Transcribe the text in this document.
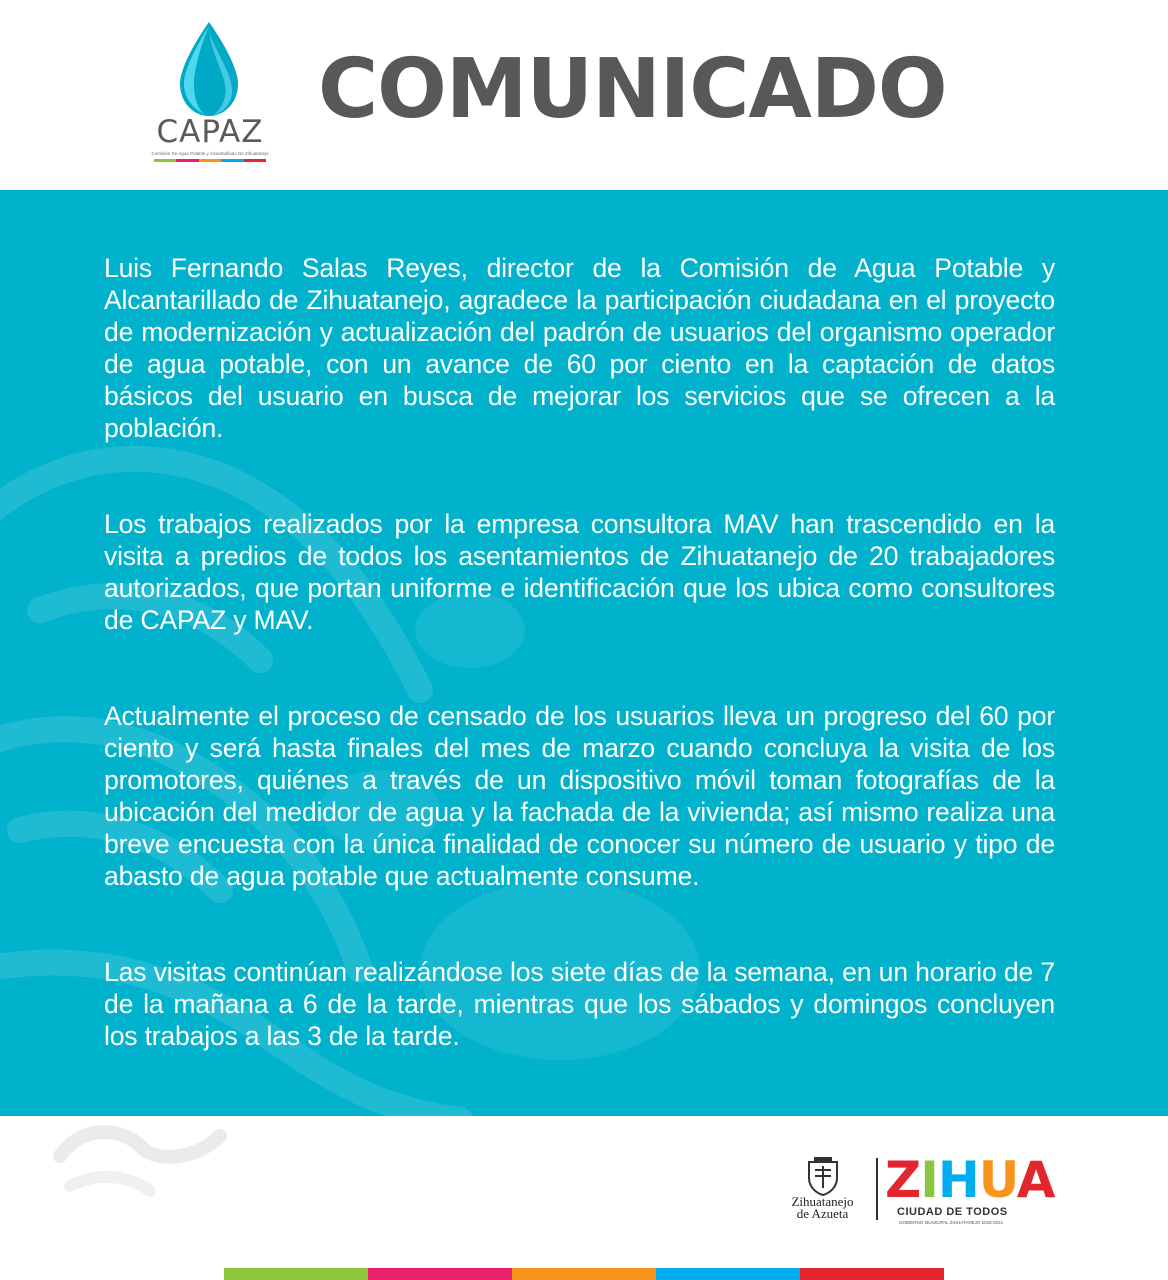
CAPAZ
Comisión De Agua Potable y Alcantarillado De Zihuatanejo
COMUNICADO

Luis Fernando Salas Reyes, director de la Comisión de Agua Potable y Alcantarillado de Zihuatanejo, agradece la participación ciudadana en el proyecto de modernización y actualización del padrón de usuarios del organismo operador de agua potable, con un avance de 60 por ciento en la captación de datos básicos del usuario en busca de mejorar los servicios que se ofrecen a la población.

Los trabajos realizados por la empresa consultora MAV han trascendido en la visita a predios de todos los asentamientos de Zihuatanejo de 20 trabajadores autorizados, que portan uniforme e identificación que los ubica como consultores de CAPAZ y MAV.

Actualmente el proceso de censado de los usuarios lleva un progreso del 60 por ciento y será hasta finales del mes de marzo cuando concluya la visita de los promotores, quiénes a través de un dispositivo móvil toman fotografías de la ubicación del medidor de agua y la fachada de la vivienda; así mismo realiza una breve encuesta con la única finalidad de conocer su número de usuario y tipo de abasto de agua potable que actualmente consume.

Las visitas continúan realizándose los siete días de la semana, en un horario de 7 de la mañana a 6 de la tarde, mientras que los sábados y domingos concluyen los trabajos a las 3 de la tarde.

Zihuatanejo
de Azueta
ZIHUA
CIUDAD DE TODOS
GOBIERNO MUNICIPAL ZIHUATANEJO 2018-2021
